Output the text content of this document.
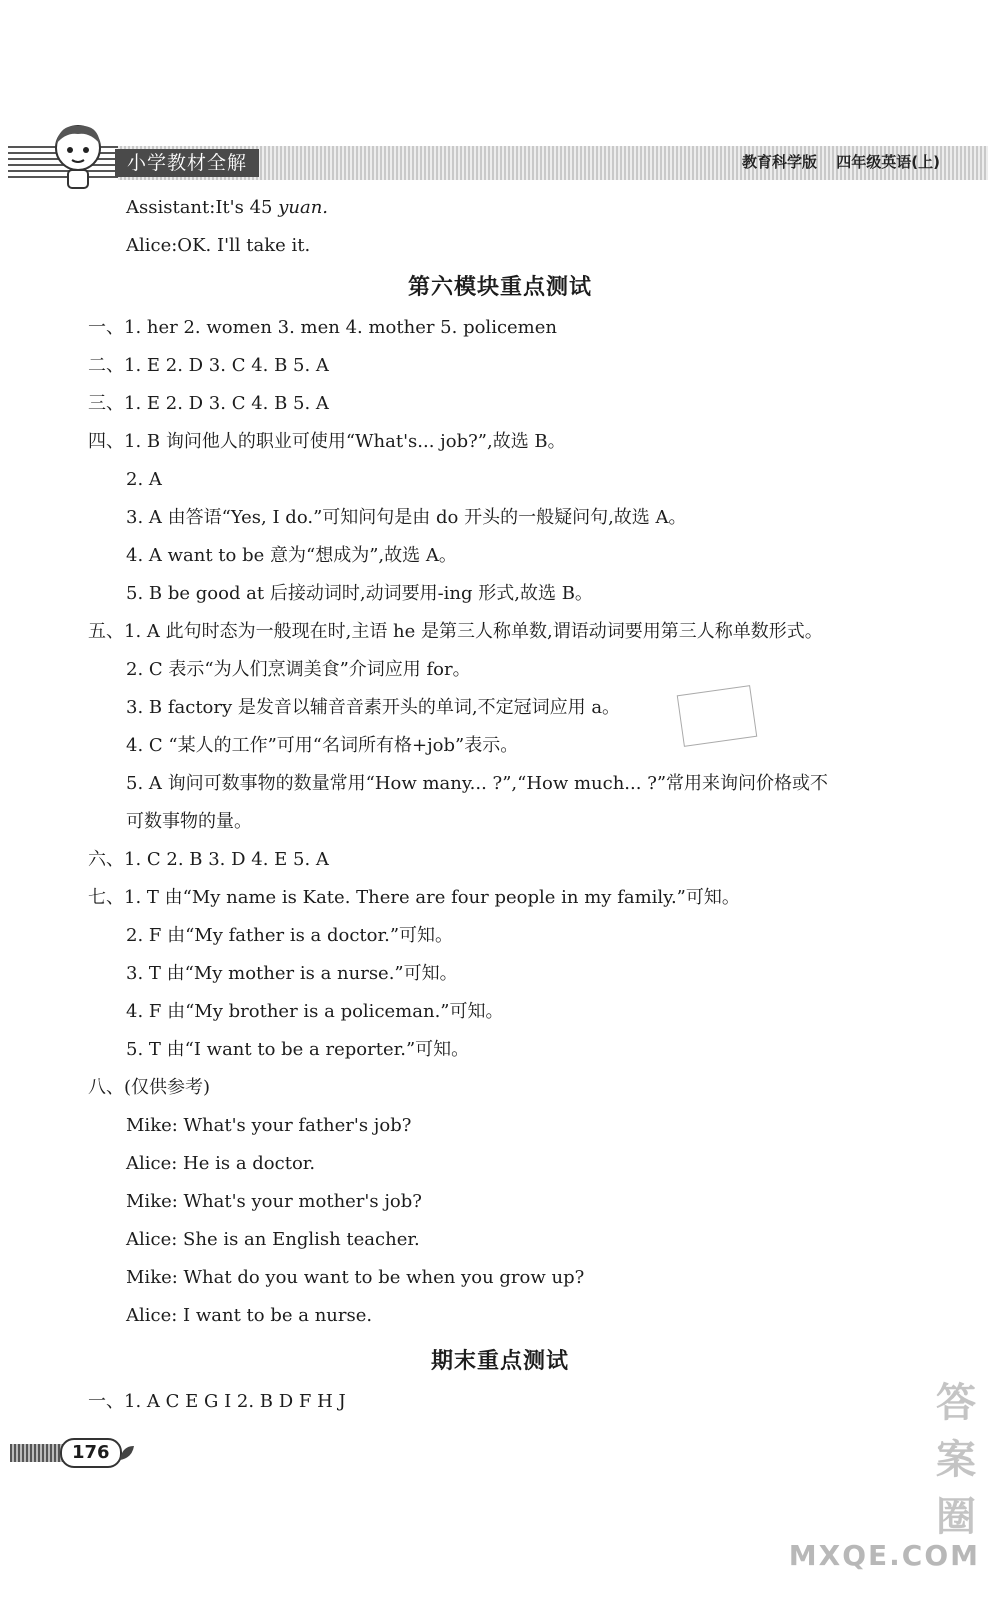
小学教材全解	教育科学版 四年级英语(上)
Assistant:It's 45 yuan.
Alice:OK. I'll take it.
第六模块重点测试
一、1. her 2. women 3. men 4. mother 5. policemen
二、1. E 2. D 3. C 4. B 5. A
三、1. E 2. D 3. C 4. B 5. A
四、1. B 询问他人的职业可使用“What's... job?”,故选 B。
2. A
3. A 由答语“Yes, I do.”可知问句是由 do 开头的一般疑问句,故选 A。
4. A want to be 意为“想成为”,故选 A。
5. B be good at 后接动词时,动词要用-ing 形式,故选 B。
五、1. A 此句时态为一般现在时,主语 he 是第三人称单数,谓语动词要用第三人称单数形式。
2. C 表示“为人们烹调美食”介词应用 for。
3. B factory 是发音以辅音音素开头的单词,不定冠词应用 a。
4. C “某人的工作”可用“名词所有格+job”表示。
5. A 询问可数事物的数量常用“How many... ?”,“How much... ?”常用来询问价格或不
可数事物的量。
六、1. C 2. B 3. D 4. E 5. A
七、1. T 由“My name is Kate. There are four people in my family.”可知。
2. F 由“My father is a doctor.”可知。
3. T 由“My mother is a nurse.”可知。
4. F 由“My brother is a policeman.”可知。
5. T 由“I want to be a reporter.”可知。
八、(仅供参考)
Mike: What's your father's job?
Alice: He is a doctor.
Mike: What's your mother's job?
Alice: She is an English teacher.
Mike: What do you want to be when you grow up?
Alice: I want to be a nurse.
期末重点测试
一、1. A C E G I 2. B D F H J
176
答案圈
MXQE.COM
